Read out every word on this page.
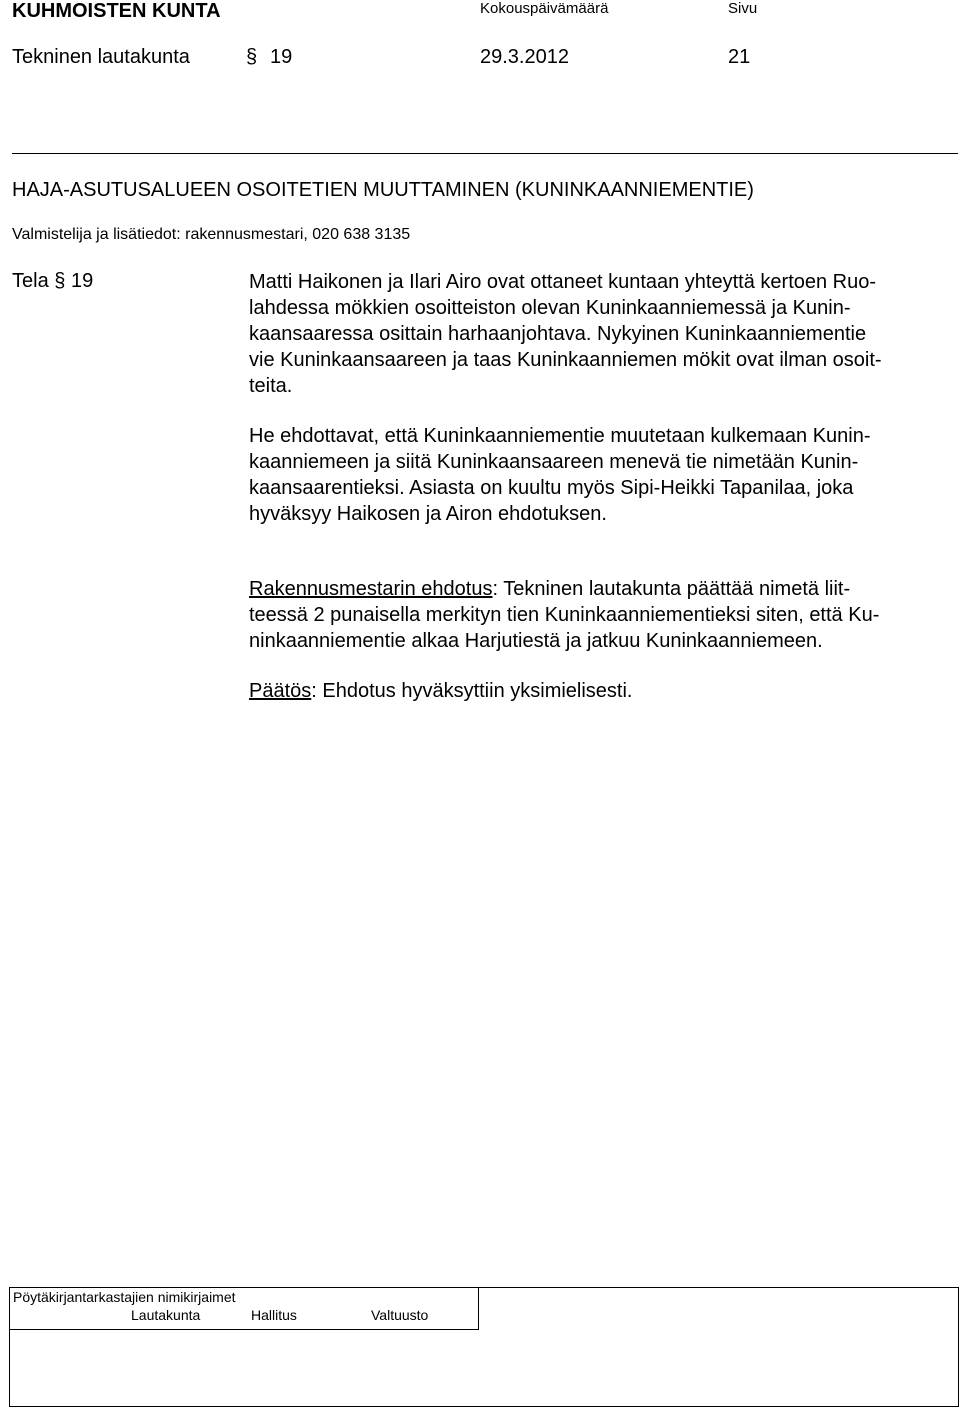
KUHMOISTEN KUNTA	Kokouspäivämäärä	Sivu
Tekninen lautakunta	§ 19	29.3.2012	21
HAJA-ASUTUSALUEEN OSOITETIEN MUUTTAMINEN (KUNINKAANNIEMENTIE)
Valmistelija ja lisätiedot: rakennusmestari, 020 638 3135
Tela § 19	Matti Haikonen ja Ilari Airo ovat ottaneet kuntaan yhteyttä kertoen Ruo-
lahdessa mökkien osoitteiston olevan Kuninkaanniemessä ja Kunin-
kaansaaressa osittain harhaanjohtava. Nykyinen Kuninkaanniementie
vie Kuninkaansaareen ja taas Kuninkaanniemen mökit ovat ilman osoit-
teita.
He ehdottavat, että Kuninkaanniementie muutetaan kulkemaan Kunin-
kaanniemeen ja siitä Kuninkaansaareen menevä tie nimetään Kunin-
kaansaarentieksi. Asiasta on kuultu myös Sipi-Heikki Tapanilaa, joka
hyväksyy Haikosen ja Airon ehdotuksen.
Rakennusmestarin ehdotus: Tekninen lautakunta päättää nimetä liit-
teessä 2 punaisella merkityn tien Kuninkaanniementieksi siten, että Ku-
ninkaanniementie alkaa Harjutiestä ja jatkuu Kuninkaanniemeen.
Päätös: Ehdotus hyväksyttiin yksimielisesti.
Pöytäkirjantarkastajien nimikirjaimet
Lautakunta	Hallitus	Valtuusto
